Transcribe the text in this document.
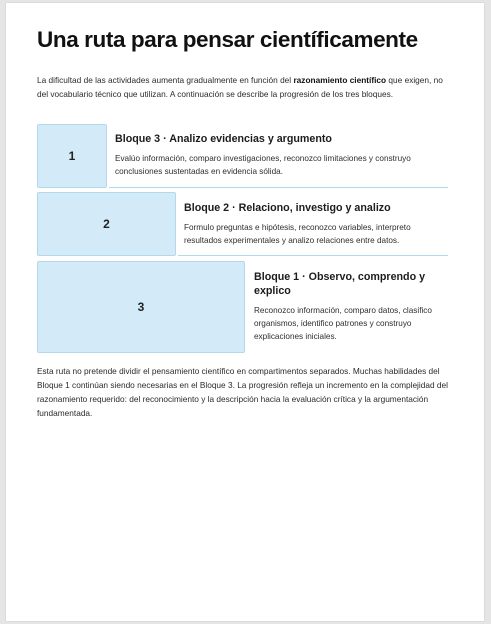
Una ruta para pensar científicamente

La dificultad de las actividades aumenta gradualmente en función del razonamiento científico que exigen, no del vocabulario técnico que utilizan. A continuación se describe la progresión de los tres bloques.

1

Bloque 3 · Analizo evidencias y argumento

Evalúo información, comparo investigaciones, reconozco limitaciones y construyo conclusiones sustentadas en evidencia sólida.

2

Bloque 2 · Relaciono, investigo y analizo

Formulo preguntas e hipótesis, reconozco variables, interpreto resultados experimentales y analizo relaciones entre datos.

3

Bloque 1 · Observo, comprendo y explico

Reconozco información, comparo datos, clasifico organismos, identifico patrones y construyo explicaciones iniciales.

Esta ruta no pretende dividir el pensamiento científico en compartimentos separados. Muchas habilidades del Bloque 1 continúan siendo necesarias en el Bloque 3. La progresión refleja un incremento en la complejidad del razonamiento requerido: del reconocimiento y la descripción hacia la evaluación crítica y la argumentación fundamentada.
